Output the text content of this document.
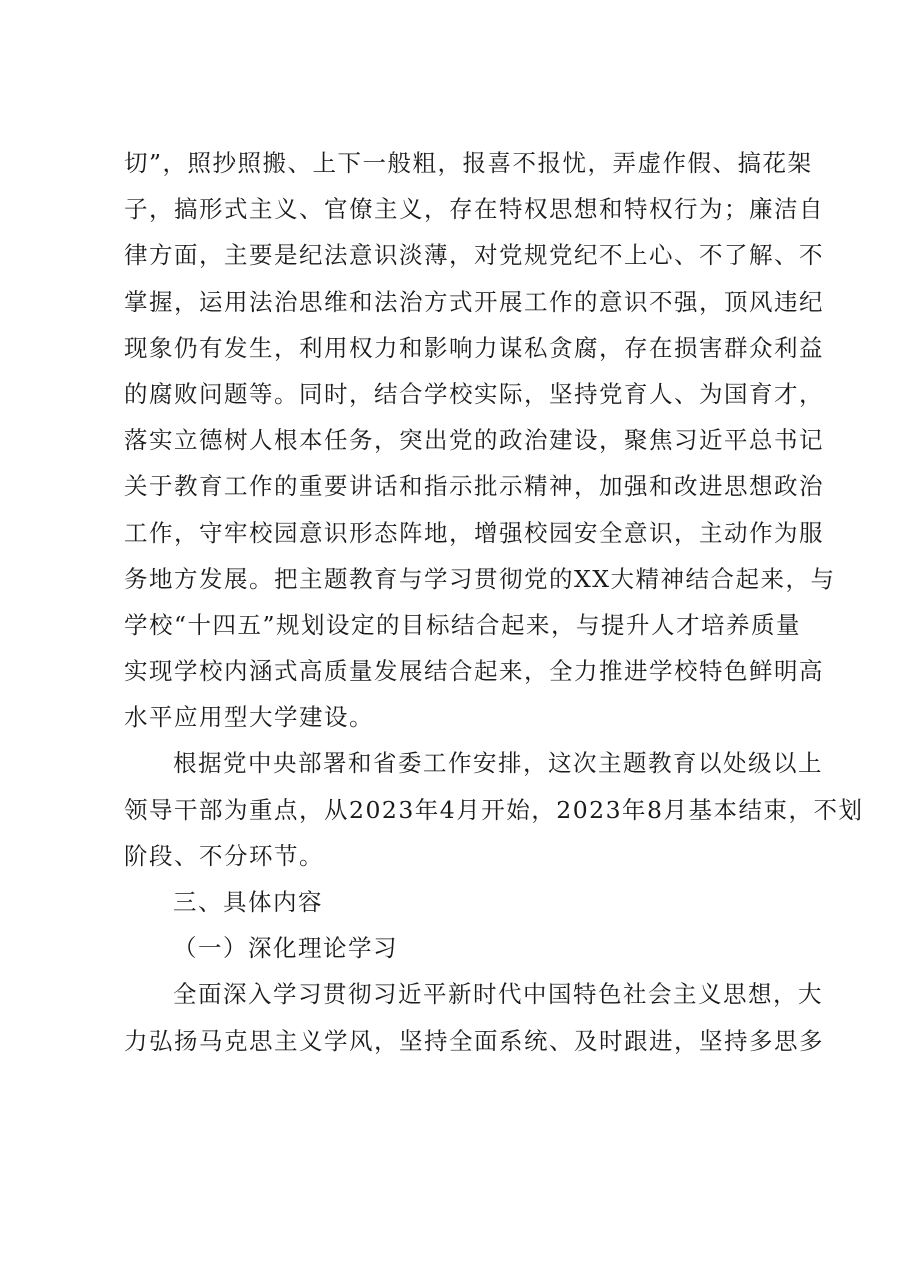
切”，照抄照搬、上下一般粗，报喜不报忧，弄虚作假、搞花架
子，搞形式主义、官僚主义，存在特权思想和特权行为；廉洁自
律方面，主要是纪法意识淡薄，对党规党纪不上心、不了解、不
掌握，运用法治思维和法治方式开展工作的意识不强，顶风违纪
现象仍有发生，利用权力和影响力谋私贪腐，存在损害群众利益
的腐败问题等。同时，结合学校实际，坚持党育人、为国育才，
落实立德树人根本任务，突出党的政治建设，聚焦习近平总书记
关于教育工作的重要讲话和指示批示精神，加强和改进思想政治
工作，守牢校园意识形态阵地，增强校园安全意识，主动作为服
务地方发展。把主题教育与学习贯彻党的XX大精神结合起来，与
学校“十四五”规划设定的目标结合起来，与提升人才培养质量
实现学校内涵式高质量发展结合起来，全力推进学校特色鲜明高
水平应用型大学建设。
根据党中央部署和省委工作安排，这次主题教育以处级以上
领导干部为重点，从2023年4月开始，2023年8月基本结束，不划
阶段、不分环节。
三、具体内容
（一）深化理论学习
全面深入学习贯彻习近平新时代中国特色社会主义思想，大
力弘扬马克思主义学风，坚持全面系统、及时跟进，坚持多思多
